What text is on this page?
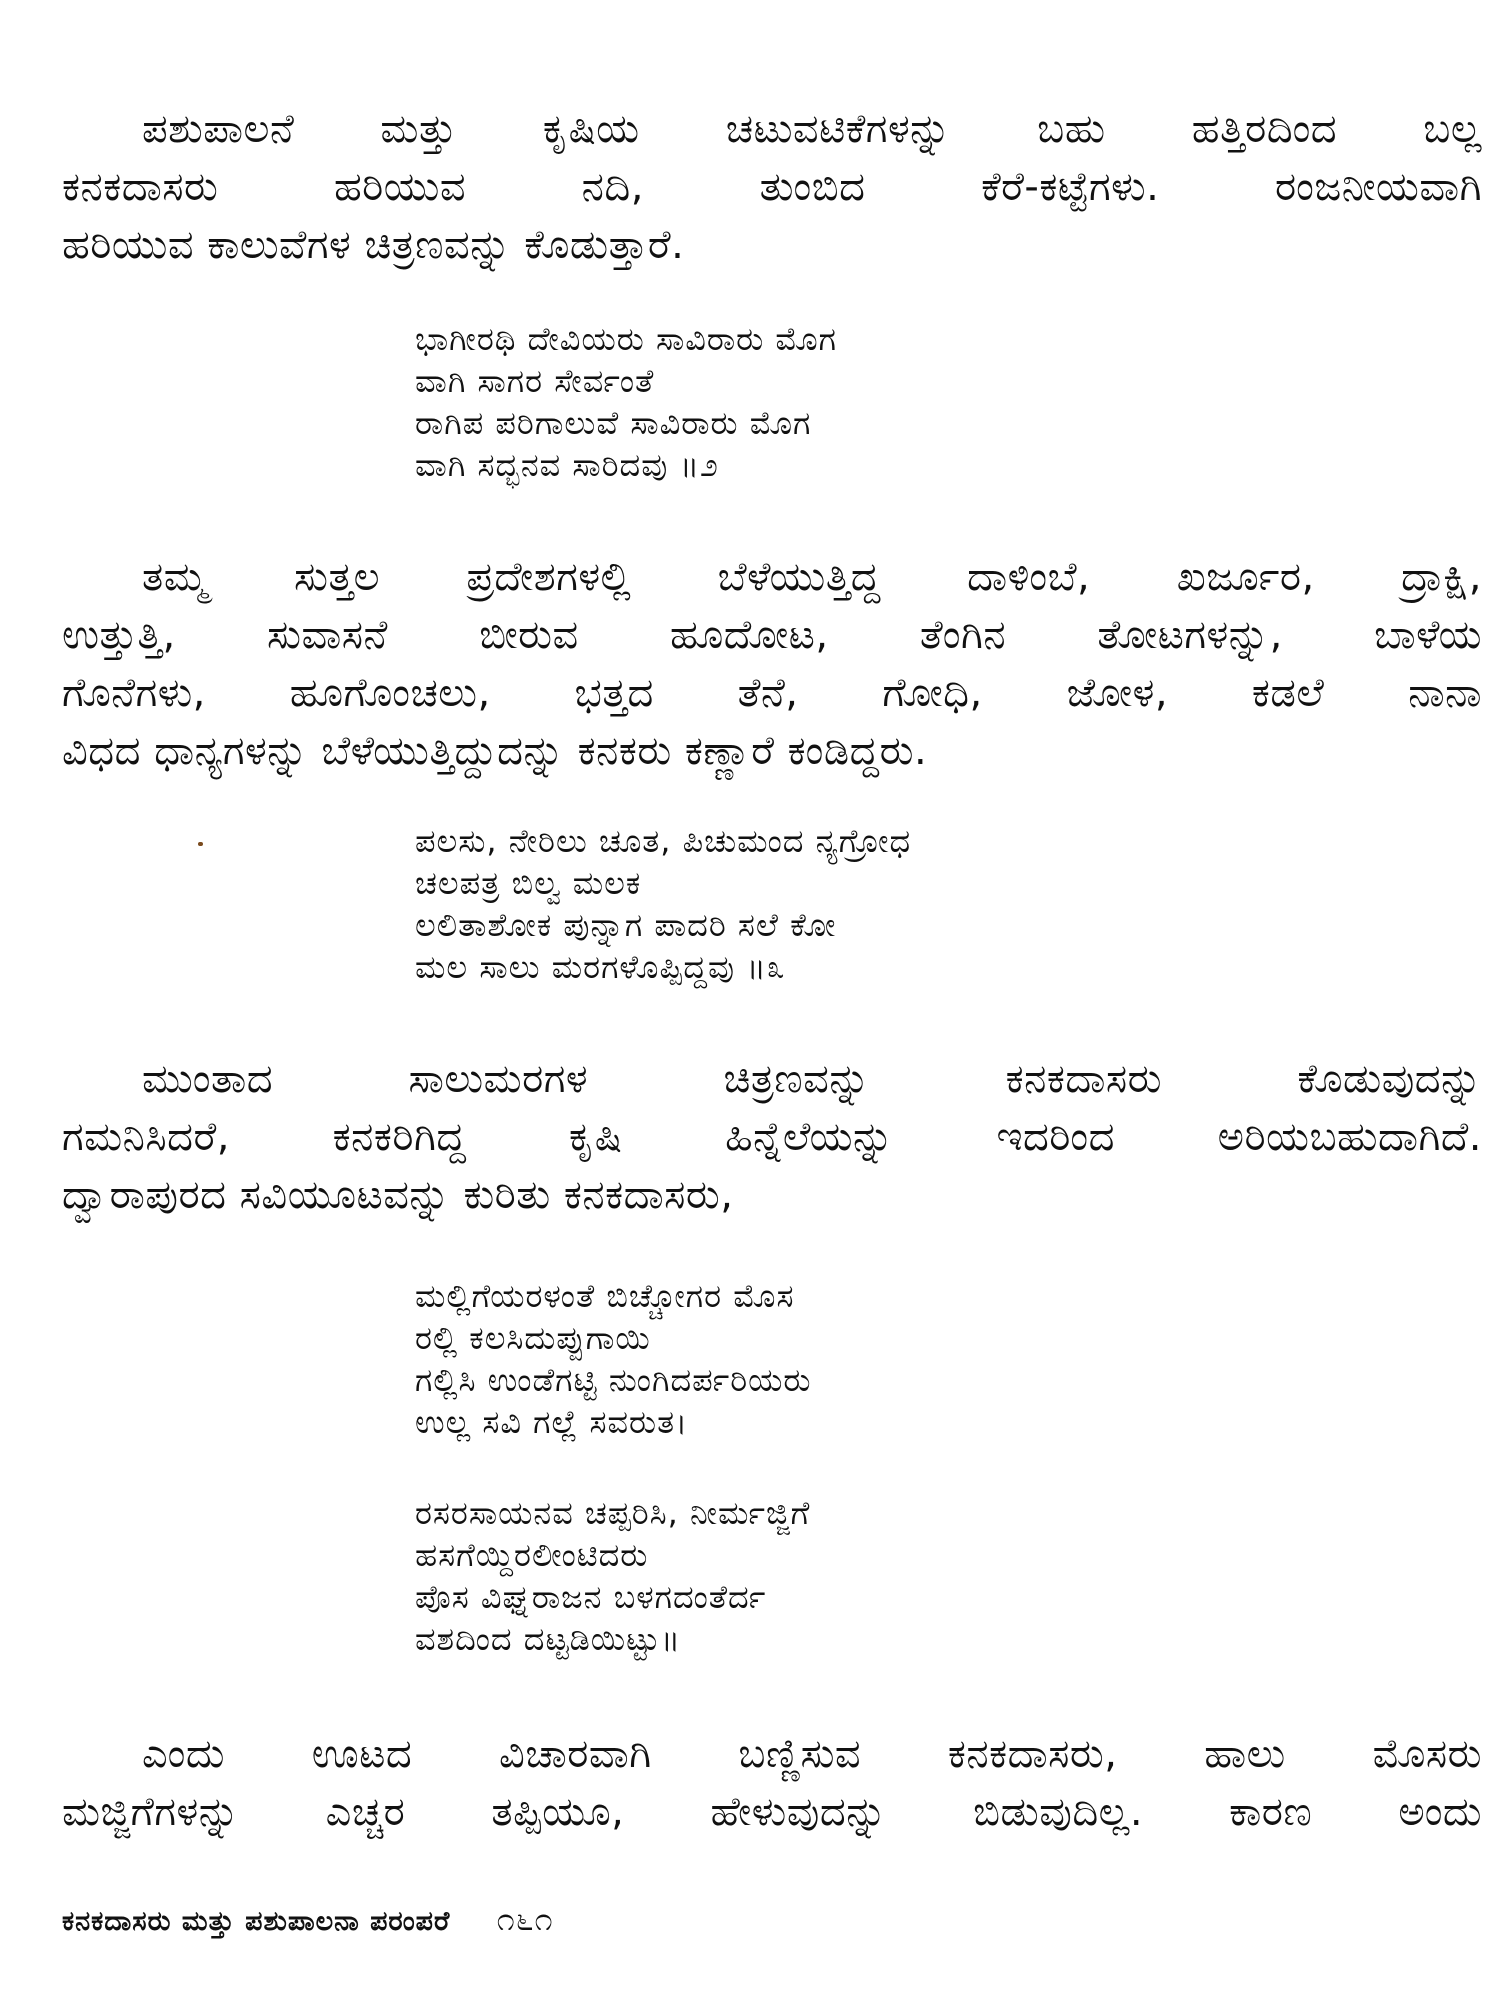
ಪಶುಪಾಲನೆ ಮತ್ತು ಕೃಷಿಯ ಚಟುವಟಿಕೆಗಳನ್ನು ಬಹು ಹತ್ತಿರದಿಂದ ಬಲ್ಲ
ಕನಕದಾಸರು ಹರಿಯುವ ನದಿ, ತುಂಬಿದ ಕೆರೆ-ಕಟ್ಟೆಗಳು. ರಂಜನೀಯವಾಗಿ
ಹರಿಯುವ ಕಾಲುವೆಗಳ ಚಿತ್ರಣವನ್ನು ಕೊಡುತ್ತಾರೆ.
ಭಾಗೀರಥಿ ದೇವಿಯರು ಸಾವಿರಾರು ಮೊಗ
ವಾಗಿ ಸಾಗರ ಸೇರ್ವಂತೆ
ರಾಗಿಪ ಪರಿಗಾಲುವೆ ಸಾವಿರಾರು ಮೊಗ
ವಾಗಿ ಸದ್ಭನವ ಸಾರಿದವು ॥೨
ತಮ್ಮ ಸುತ್ತಲ ಪ್ರದೇಶಗಳಲ್ಲಿ ಬೆಳೆಯುತ್ತಿದ್ದ ದಾಳಿಂಬೆ, ಖರ್ಜೂರ, ದ್ರಾಕ್ಷಿ,
ಉತ್ತುತ್ತಿ, ಸುವಾಸನೆ ಬೀರುವ ಹೂದೋಟ, ತೆಂಗಿನ ತೋಟಗಳನ್ನು, ಬಾಳೆಯ
ಗೊನೆಗಳು, ಹೂಗೊಂಚಲು, ಭತ್ತದ ತೆನೆ, ಗೋಧಿ, ಜೋಳ, ಕಡಲೆ ನಾನಾ
ವಿಧದ ಧಾನ್ಯಗಳನ್ನು ಬೆಳೆಯುತ್ತಿದ್ದುದನ್ನು ಕನಕರು ಕಣ್ಣಾರೆ ಕಂಡಿದ್ದರು.
ಪಲಸು, ನೇರಿಲು ಚೂತ, ಪಿಚುಮಂದ ನ್ಯಗ್ರೋಧ
ಚಲಪತ್ರ ಬಿಲ್ವ ಮಲಕ
ಲಲಿತಾಶೋಕ ಪುನ್ನಾಗ ಪಾದರಿ ಸಲೆ ಕೋ
ಮಲ ಸಾಲು ಮರಗಳೊಪ್ಪಿದ್ದವು ॥೩
ಮುಂತಾದ ಸಾಲುಮರಗಳ ಚಿತ್ರಣವನ್ನು ಕನಕದಾಸರು ಕೊಡುವುದನ್ನು
ಗಮನಿಸಿದರೆ, ಕನಕರಿಗಿದ್ದ ಕೃಷಿ ಹಿನ್ನೆಲೆಯನ್ನು ಇದರಿಂದ ಅರಿಯಬಹುದಾಗಿದೆ.
ದ್ವಾರಾಪುರದ ಸವಿಯೂಟವನ್ನು ಕುರಿತು ಕನಕದಾಸರು,
ಮಲ್ಲಿಗೆಯರಳಂತೆ ಬಿಚ್ಚೋಗರ ಮೊಸ
ರಲ್ಲಿ ಕಲಸಿದುಪ್ಪುಗಾಯಿ
ಗಲ್ಲಿಸಿ ಉಂಡೆಗಟ್ಟಿ ನುಂಗಿದರ್ಪರಿಯರು
ಉಲ್ಲ ಸವಿ ಗಲ್ಲೆ ಸವರುತ।
ರಸರಸಾಯನವ ಚಪ್ಪರಿಸಿ, ನೀರ್ಮಜ್ಜಿಗೆ
ಹಸಗೆಯ್ದಿರಲೀಂಟಿದರು
ಪೊಸ ವಿಘ್ನರಾಜನ ಬಳಗದಂತೆರ್ದ
ವಶದಿಂದ ದಟ್ಟಡಿಯಿಟ್ಟು॥
ಎಂದು ಊಟದ ವಿಚಾರವಾಗಿ ಬಣ್ಣಿಸುವ ಕನಕದಾಸರು, ಹಾಲು ಮೊಸರು
ಮಜ್ಜಿಗೆಗಳನ್ನು ಎಚ್ಚರ ತಪ್ಪಿಯೂ, ಹೇಳುವುದನ್ನು ಬಿಡುವುದಿಲ್ಲ. ಕಾರಣ ಅಂದು
ಕನಕದಾಸರು ಮತ್ತು ಪಶುಪಾಲನಾ ಪರಂಪರೆ ೧೬೧
